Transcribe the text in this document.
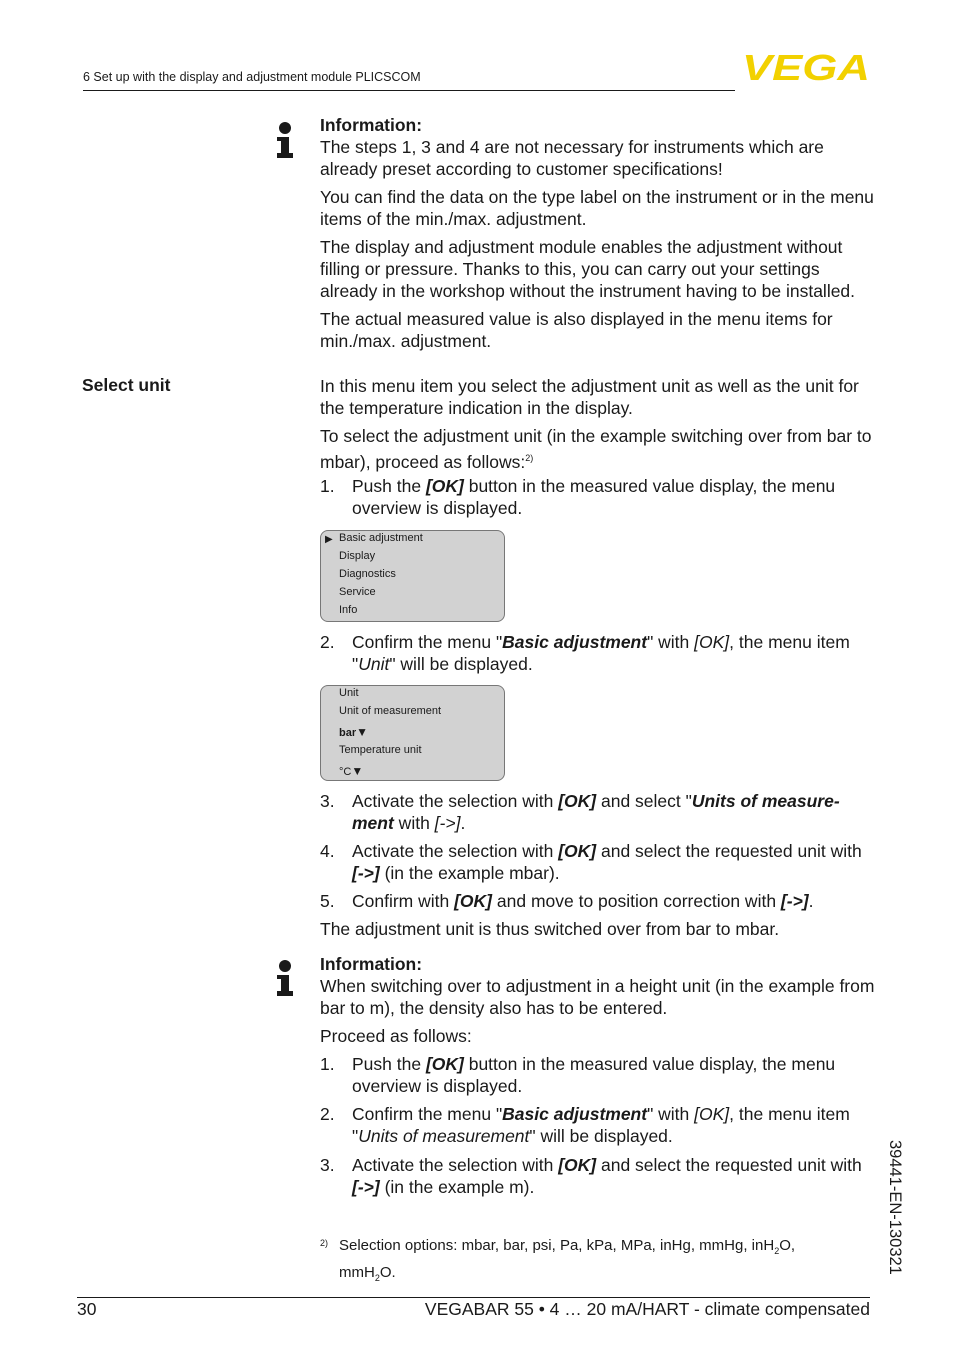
6 Set up with the display and adjustment module PLICSCOM	VEGA
Information:
The steps 1, 3 and 4 are not necessary for instruments which are already preset according to customer specifications!
You can find the data on the type label on the instrument or in the menu items of the min./max. adjustment.
The display and adjustment module enables the adjustment without filling or pressure. Thanks to this, you can carry out your settings already in the workshop without the instrument having to be installed.
The actual measured value is also displayed in the menu items for min./max. adjustment.
Select unit	In this menu item you select the adjustment unit as well as the unit for the temperature indication in the display.
To select the adjustment unit (in the example switching over from bar to mbar), proceed as follows:$^{2)}$
1. Push the [OK] button in the measured value display, the menu overview is displayed.
▶ Basic adjustment
Display
Diagnostics
Service
Info
2. Confirm the menu "Basic adjustment" with [OK], the menu item "Unit" will be displayed.
Unit
Unit of measurement
bar▼
Temperature unit
°C▼
3. Activate the selection with [OK] and select "Units of measure-ment with [->].
4. Activate the selection with [OK] and select the requested unit with [->] (in the example mbar).
5. Confirm with [OK] and move to position correction with [->].
The adjustment unit is thus switched over from bar to mbar.
Information:
When switching over to adjustment in a height unit (in the example from bar to m), the density also has to be entered.
Proceed as follows:
1. Push the [OK] button in the measured value display, the menu overview is displayed.
2. Confirm the menu "Basic adjustment" with [OK], the menu item "Units of measurement" will be displayed.
3. Activate the selection with [OK] and select the requested unit with [->] (in the example m).
2) Selection options: mbar, bar, psi, Pa, kPa, MPa, inHg, mmHg, inH$_2$O, mmH$_2$O.	39441-EN-130321
30	VEGABAR 55 • 4 … 20 mA/HART - climate compensated
